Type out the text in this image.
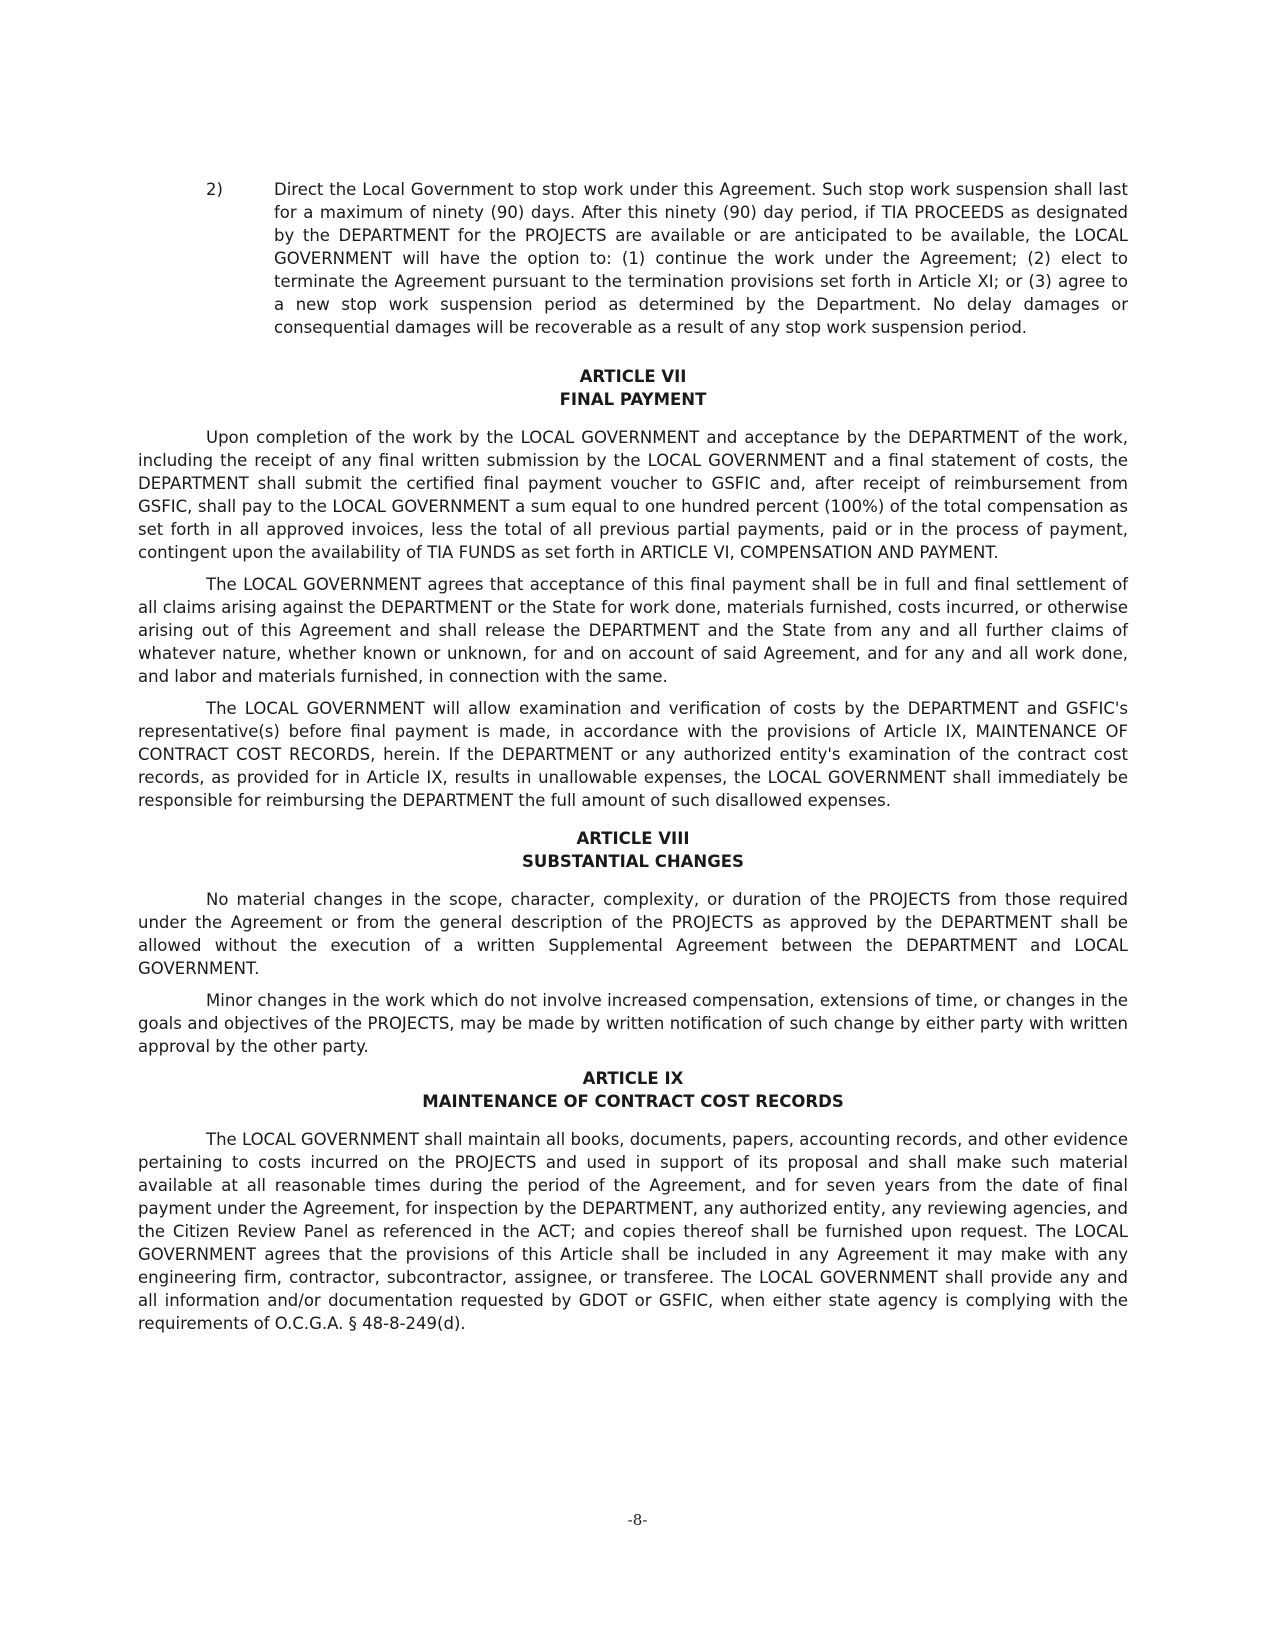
2)	Direct the Local Government to stop work under this Agreement. Such stop work suspension shall last for a maximum of ninety (90) days. After this ninety (90) day period, if TIA PROCEEDS as designated by the DEPARTMENT for the PROJECTS are available or are anticipated to be available, the LOCAL GOVERNMENT will have the option to: (1) continue the work under the Agreement; (2) elect to terminate the Agreement pursuant to the termination provisions set forth in Article XI; or (3) agree to a new stop work suspension period as determined by the Department. No delay damages or consequential damages will be recoverable as a result of any stop work suspension period.

ARTICLE VII

FINAL PAYMENT

Upon completion of the work by the LOCAL GOVERNMENT and acceptance by the DEPARTMENT of the work, including the receipt of any final written submission by the LOCAL GOVERNMENT and a final statement of costs, the DEPARTMENT shall submit the certified final payment voucher to GSFIC and, after receipt of reimbursement from GSFIC, shall pay to the LOCAL GOVERNMENT a sum equal to one hundred percent (100%) of the total compensation as set forth in all approved invoices, less the total of all previous partial payments, paid or in the process of payment, contingent upon the availability of TIA FUNDS as set forth in ARTICLE VI, COMPENSATION AND PAYMENT.

The LOCAL GOVERNMENT agrees that acceptance of this final payment shall be in full and final settlement of all claims arising against the DEPARTMENT or the State for work done, materials furnished, costs incurred, or otherwise arising out of this Agreement and shall release the DEPARTMENT and the State from any and all further claims of whatever nature, whether known or unknown, for and on account of said Agreement, and for any and all work done, and labor and materials furnished, in connection with the same.

The LOCAL GOVERNMENT will allow examination and verification of costs by the DEPARTMENT and GSFIC's representative(s) before final payment is made, in accordance with the provisions of Article IX, MAINTENANCE OF CONTRACT COST RECORDS, herein. If the DEPARTMENT or any authorized entity's examination of the contract cost records, as provided for in Article IX, results in unallowable expenses, the LOCAL GOVERNMENT shall immediately be responsible for reimbursing the DEPARTMENT the full amount of such disallowed expenses.

ARTICLE VIII

SUBSTANTIAL CHANGES

No material changes in the scope, character, complexity, or duration of the PROJECTS from those required under the Agreement or from the general description of the PROJECTS as approved by the DEPARTMENT shall be allowed without the execution of a written Supplemental Agreement between the DEPARTMENT and LOCAL GOVERNMENT.

Minor changes in the work which do not involve increased compensation, extensions of time, or changes in the goals and objectives of the PROJECTS, may be made by written notification of such change by either party with written approval by the other party.

ARTICLE IX

MAINTENANCE OF CONTRACT COST RECORDS

The LOCAL GOVERNMENT shall maintain all books, documents, papers, accounting records, and other evidence pertaining to costs incurred on the PROJECTS and used in support of its proposal and shall make such material available at all reasonable times during the period of the Agreement, and for seven years from the date of final payment under the Agreement, for inspection by the DEPARTMENT, any authorized entity, any reviewing agencies, and the Citizen Review Panel as referenced in the ACT; and copies thereof shall be furnished upon request. The LOCAL GOVERNMENT agrees that the provisions of this Article shall be included in any Agreement it may make with any engineering firm, contractor, subcontractor, assignee, or transferee. The LOCAL GOVERNMENT shall provide any and all information and/or documentation requested by GDOT or GSFIC, when either state agency is complying with the requirements of O.C.G.A. § 48-8-249(d).

-8-
